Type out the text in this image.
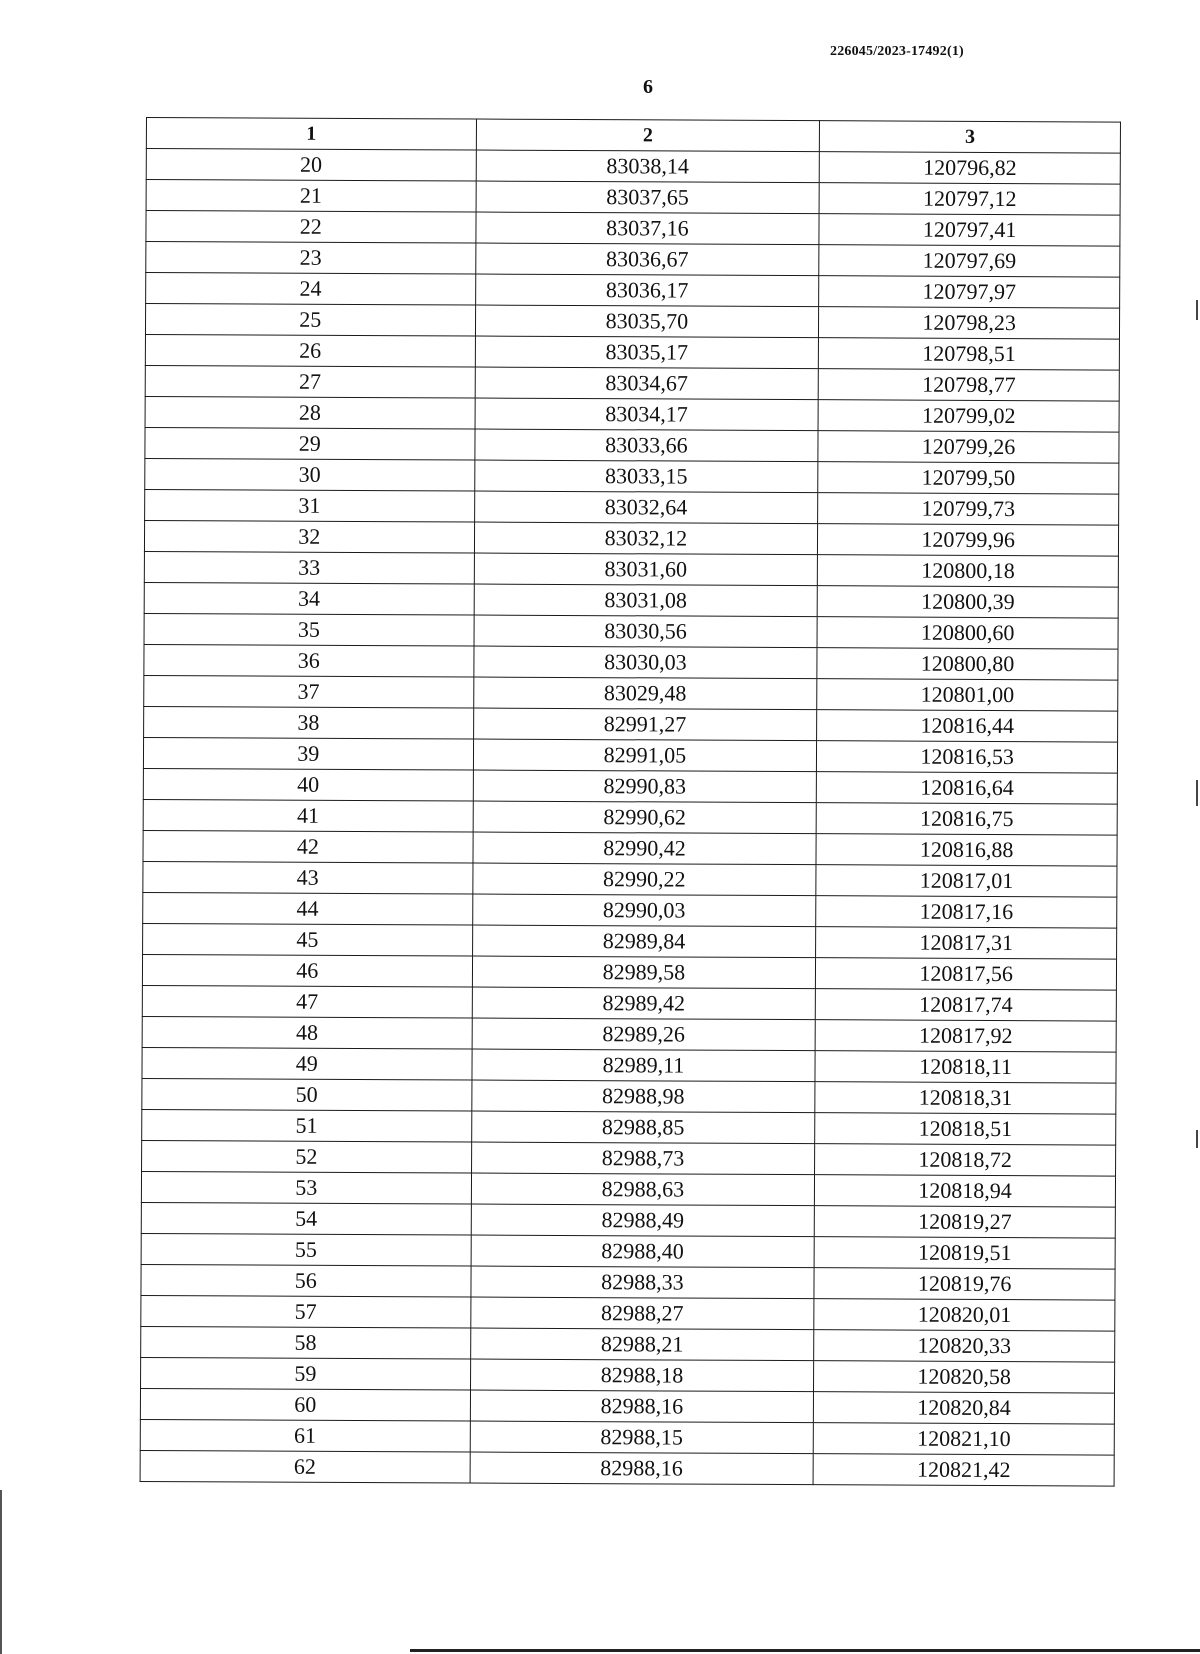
226045/2023-17492(1)
6
1	2	3
20	83038,14	120796,82
21	83037,65	120797,12
22	83037,16	120797,41
23	83036,67	120797,69
24	83036,17	120797,97
25	83035,70	120798,23
26	83035,17	120798,51
27	83034,67	120798,77
28	83034,17	120799,02
29	83033,66	120799,26
30	83033,15	120799,50
31	83032,64	120799,73
32	83032,12	120799,96
33	83031,60	120800,18
34	83031,08	120800,39
35	83030,56	120800,60
36	83030,03	120800,80
37	83029,48	120801,00
38	82991,27	120816,44
39	82991,05	120816,53
40	82990,83	120816,64
41	82990,62	120816,75
42	82990,42	120816,88
43	82990,22	120817,01
44	82990,03	120817,16
45	82989,84	120817,31
46	82989,58	120817,56
47	82989,42	120817,74
48	82989,26	120817,92
49	82989,11	120818,11
50	82988,98	120818,31
51	82988,85	120818,51
52	82988,73	120818,72
53	82988,63	120818,94
54	82988,49	120819,27
55	82988,40	120819,51
56	82988,33	120819,76
57	82988,27	120820,01
58	82988,21	120820,33
59	82988,18	120820,58
60	82988,16	120820,84
61	82988,15	120821,10
62	82988,16	120821,42
